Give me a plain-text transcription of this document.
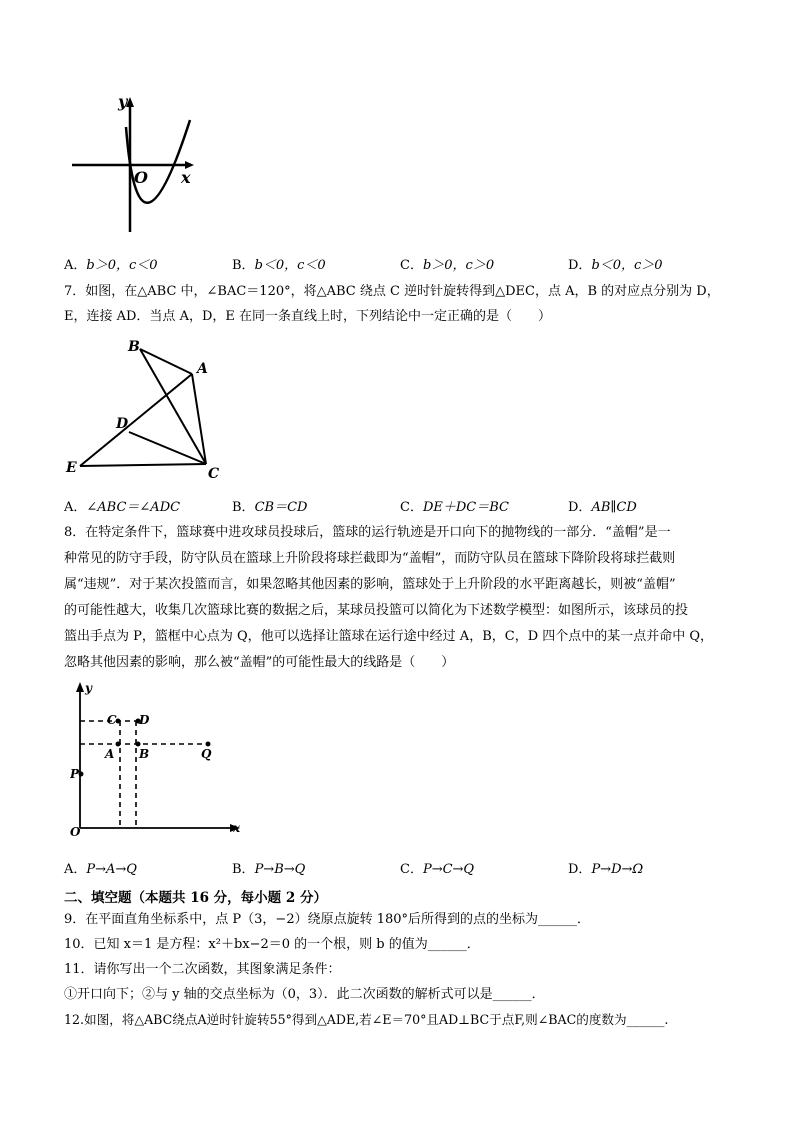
y
x
O
A．b＞0，c＜0	B．b＜0，c＜0	C．b＞0，c＞0	D．b＜0，c＞0
7．如图，在△ABC 中，∠BAC＝120°，将△ABC 绕点 C 逆时针旋转得到△DEC，点 A，B 的对应点分别为 D，
E，连接 AD．当点 A，D，E 在同一条直线上时，下列结论中一定正确的是（　　）
B
A
D
E	C
A．∠ABC＝∠ADC	B．CB＝CD	C．DE＋DC＝BC	D．AB∥CD
8．在特定条件下，篮球赛中进攻球员投球后，篮球的运行轨迹是开口向下的抛物线的一部分．“盖帽”是一
种常见的防守手段，防守队员在篮球上升阶段将球拦截即为“盖帽”，而防守队员在篮球下降阶段将球拦截则
属“违规”．对于某次投篮而言，如果忽略其他因素的影响，篮球处于上升阶段的水平距离越长，则被“盖帽”
的可能性越大，收集几次篮球比赛的数据之后，某球员投篮可以简化为下述数学模型：如图所示，该球员的投
篮出手点为 P，篮框中心点为 Q，他可以选择让篮球在运行途中经过 A，B，C，D 四个点中的某一点并命中 Q，
忽略其他因素的影响，那么被“盖帽”的可能性最大的线路是（　　）
y
x
O
P
C D
A B	Q
A．P→A→Q	B．P→B→Q	C．P→C→Q	D．P→D→Ω
二、填空题（本题共 16 分，每小题 2 分）
9．在平面直角坐标系中，点 P（3，−2）绕原点旋转 180°后所得到的点的坐标为______．
10．已知 x＝1 是方程：x²＋bx−2＝0 的一个根，则 b 的值为______．
11．请你写出一个二次函数，其图象满足条件：
①开口向下；②与 y 轴的交点坐标为（0，3）．此二次函数的解析式可以是______．
12.如图，将△ABC绕点A逆时针旋转55°得到△ADE,若∠E＝70°且AD⊥BC于点F,则∠BAC的度数为______.
